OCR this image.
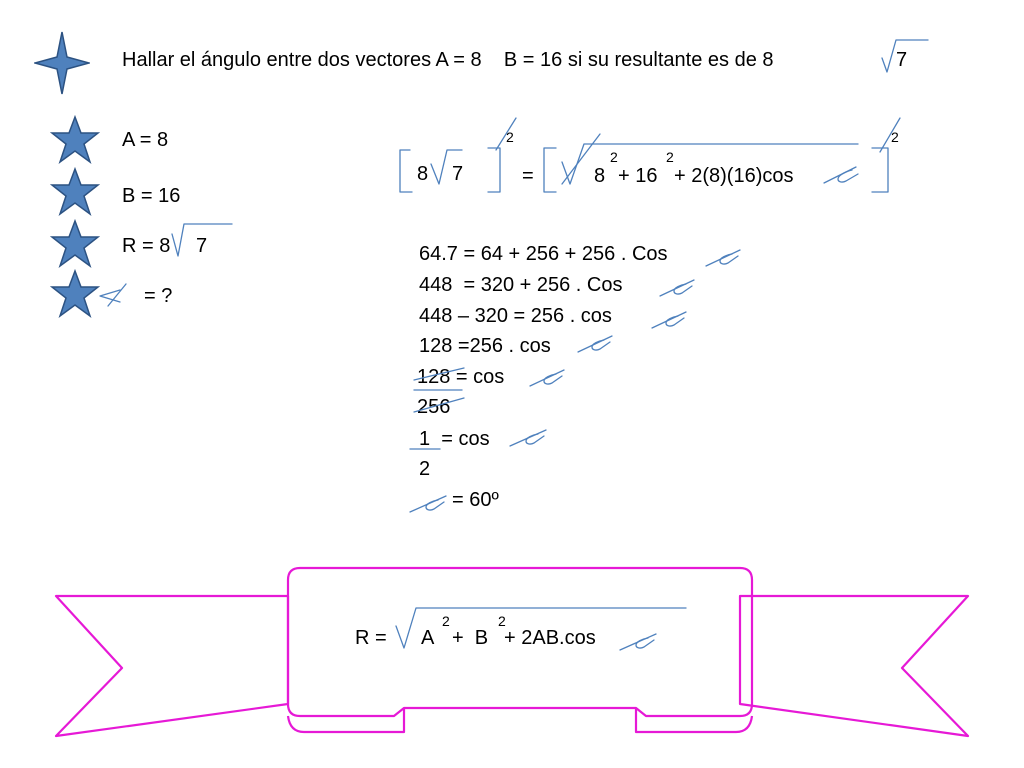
Hallar el ángulo entre dos vectores A = 8    B = 16 si su resultante es de 8	7
A = 8
B = 16
R = 8 7
= ?
8 7
2
=	8
2
+ 16
2
+ 2(8)(16)cos
2
64.7 = 64 + 256 + 256 . Cos
448  = 320 + 256 . Cos
448 – 320 = 256 . cos
128 =256 . cos
128 = cos
256
1  = cos
2
= 60º
R = A
2
+  B
2
+ 2AB.cos
